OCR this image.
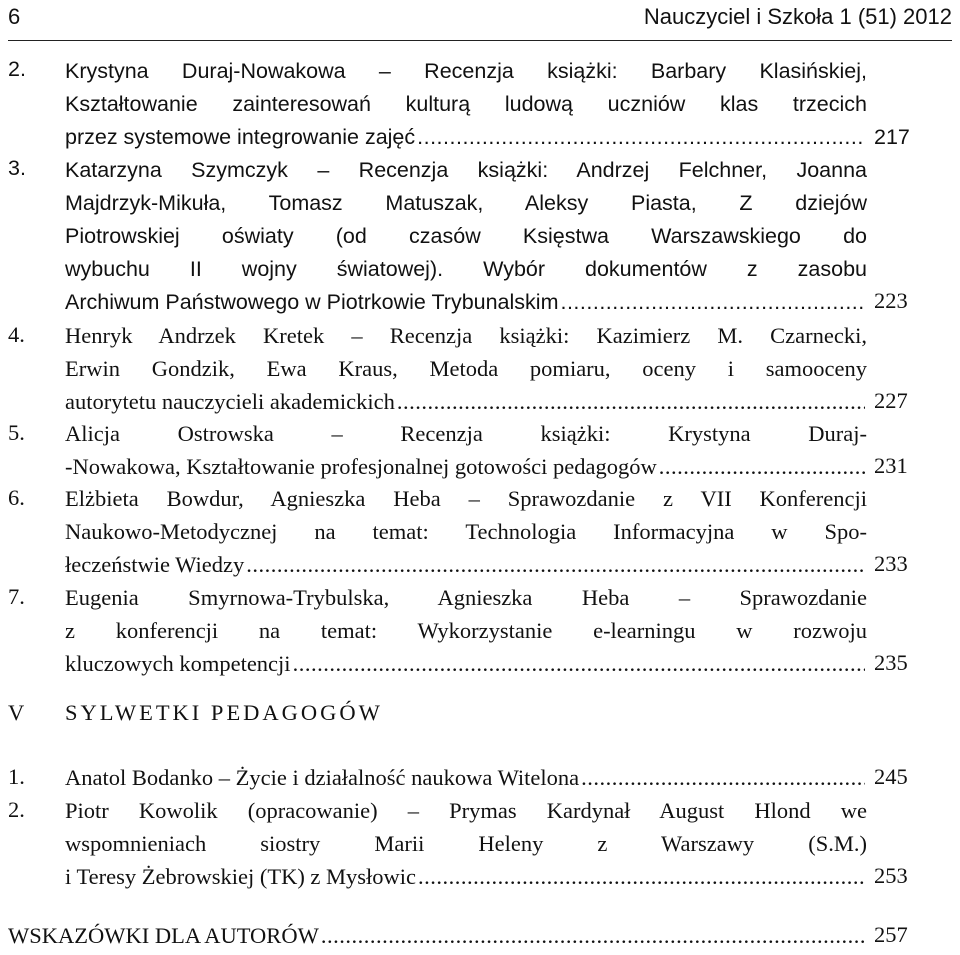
6	Nauczyciel i Szkoła 1 (51) 2012
2. Krystyna Duraj-Nowakowa – Recenzja książki: Barbary Klasińskiej,
Kształtowanie zainteresowań kulturą ludową uczniów klas trzecich
przez systemowe integrowanie zajęć .....	217
3. Katarzyna Szymczyk – Recenzja książki: Andrzej Felchner, Joanna
Majdrzyk-Mikuła, Tomasz Matuszak, Aleksy Piasta, Z dziejów
Piotrowskiej oświaty (od czasów Księstwa Warszawskiego do
wybuchu II wojny światowej). Wybór dokumentów z zasobu
Archiwum Państwowego w Piotrkowie Trybunalskim .....	223
4. Henryk Andrzek Kretek – Recenzja książki: Kazimierz M. Czarnecki,
Erwin Gondzik, Ewa Kraus, Metoda pomiaru, oceny i samooceny
autorytetu nauczycieli akademickich .....	227
5. Alicja Ostrowska – Recenzja książki: Krystyna Duraj-
-Nowakowa, Kształtowanie profesjonalnej gotowości pedagogów .....	231
6. Elżbieta Bowdur, Agnieszka Heba – Sprawozdanie z VII Konferencji
Naukowo-Metodycznej na temat: Technologia Informacyjna w Spo-
łeczeństwie Wiedzy .....	233
7. Eugenia Smyrnowa-Trybulska, Agnieszka Heba – Sprawozdanie
z konferencji na temat: Wykorzystanie e-learningu w rozwoju
kluczowych kompetencji .....	235
V SYLWETKI PEDAGOGÓW
1. Anatol Bodanko – Życie i działalność naukowa Witelona .....	245
2. Piotr Kowolik (opracowanie) – Prymas Kardynał August Hlond we
wspomnieniach siostry Marii Heleny z Warszawy (S.M.)
i Teresy Żebrowskiej (TK) z Mysłowic .....	253
WSKAZÓWKI DLA AUTORÓW .....	257
